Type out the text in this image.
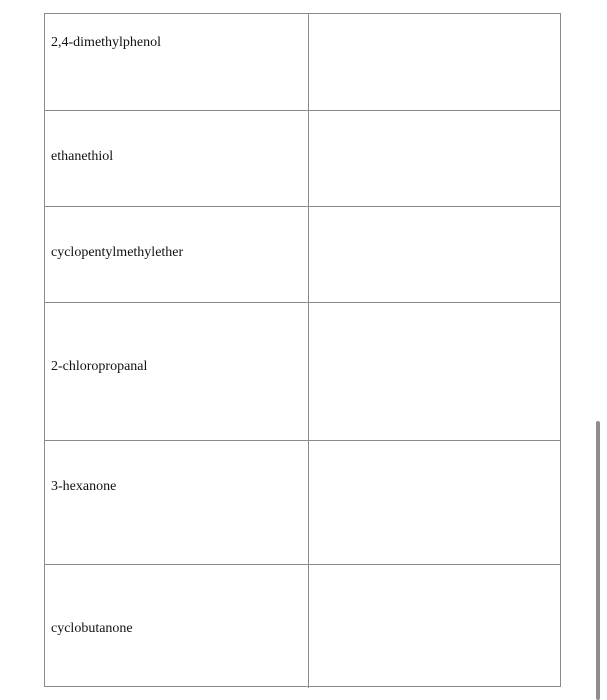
2,4-dimethylphenol
ethanethiol
cyclopentylmethylether
2-chloropropanal
3-hexanone
cyclobutanone
